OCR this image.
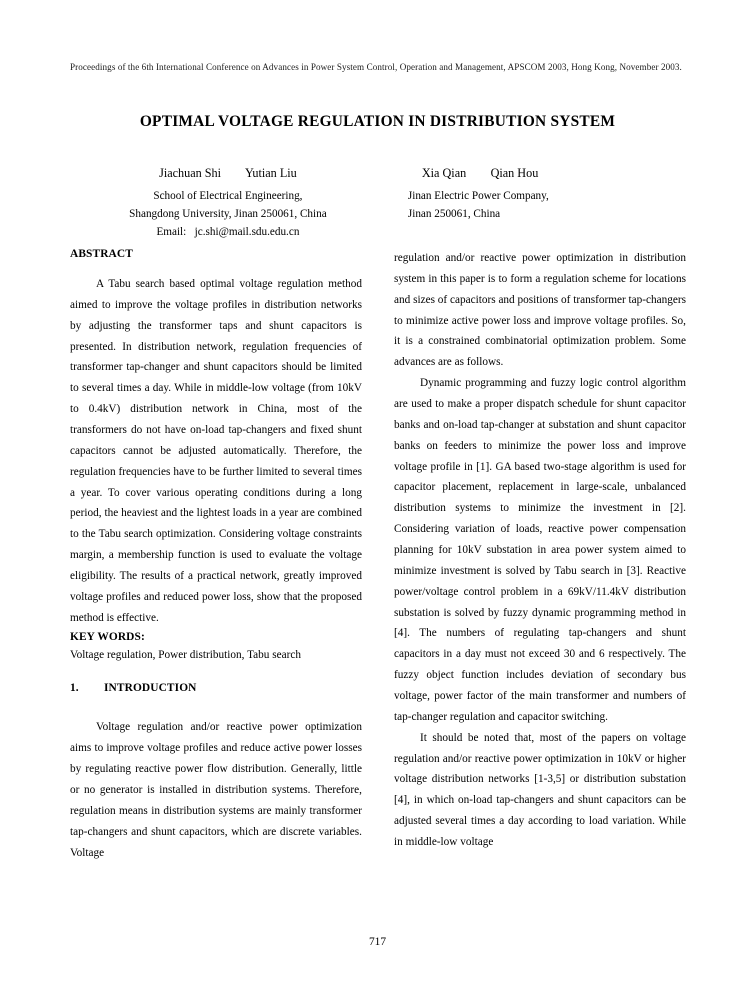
Proceedings of the 6th International Conference on Advances in Power System Control, Operation and Management, APSCOM 2003, Hong Kong, November 2003.
OPTIMAL VOLTAGE REGULATION IN DISTRIBUTION SYSTEM
Jiachuan Shi        Yutian Liu
School of Electrical Engineering,
Shangdong University, Jinan 250061, China
Email:   jc.shi@mail.sdu.edu.cn
Xia Qian        Qian Hou
Jinan Electric Power Company,
Jinan 250061, China
ABSTRACT

A Tabu search based optimal voltage regulation method aimed to improve the voltage profiles in distribution networks by adjusting the transformer taps and shunt capacitors is presented. In distribution network, regulation frequencies of transformer tap-changer and shunt capacitors should be limited to several times a day. While in middle-low voltage (from 10kV to 0.4kV) distribution network in China, most of the transformers do not have on-load tap-changers and fixed shunt capacitors cannot be adjusted automatically. Therefore, the regulation frequencies have to be further limited to several times a year. To cover various operating conditions during a long period, the heaviest and the lightest loads in a year are combined to the Tabu search optimization. Considering voltage constraints margin, a membership function is used to evaluate the voltage eligibility. The results of a practical network, greatly improved voltage profiles and reduced power loss, show that the proposed method is effective.

KEY WORDS:

Voltage regulation, Power distribution, Tabu search

1.	INTRODUCTION

Voltage regulation and/or reactive power optimization aims to improve voltage profiles and reduce active power losses by regulating reactive power flow distribution. Generally, little or no generator is installed in distribution systems. Therefore, regulation means in distribution systems are mainly transformer tap-changers and shunt capacitors, which are discrete variables. Voltage

regulation and/or reactive power optimization in distribution system in this paper is to form a regulation scheme for locations and sizes of capacitors and positions of transformer tap-changers to minimize active power loss and improve voltage profiles. So, it is a constrained combinatorial optimization problem. Some advances are as follows.

Dynamic programming and fuzzy logic control algorithm are used to make a proper dispatch schedule for shunt capacitor banks and on-load tap-changer at substation and shunt capacitor banks on feeders to minimize the power loss and improve voltage profile in [1]. GA based two-stage algorithm is used for capacitor placement, replacement in large-scale, unbalanced distribution systems to minimize the investment in [2]. Considering variation of loads, reactive power compensation planning for 10kV substation in area power system aimed to minimize investment is solved by Tabu search in [3]. Reactive power/voltage control problem in a 69kV/11.4kV distribution substation is solved by fuzzy dynamic programming method in [4]. The numbers of regulating tap-changers and shunt capacitors in a day must not exceed 30 and 6 respectively. The fuzzy object function includes deviation of secondary bus voltage, power factor of the main transformer and numbers of tap-changer regulation and capacitor switching.

It should be noted that, most of the papers on voltage regulation and/or reactive power optimization in 10kV or higher voltage distribution networks [1-3,5] or distribution substation [4], in which on-load tap-changers and shunt capacitors can be adjusted several times a day according to load variation. While in middle-low voltage

717
